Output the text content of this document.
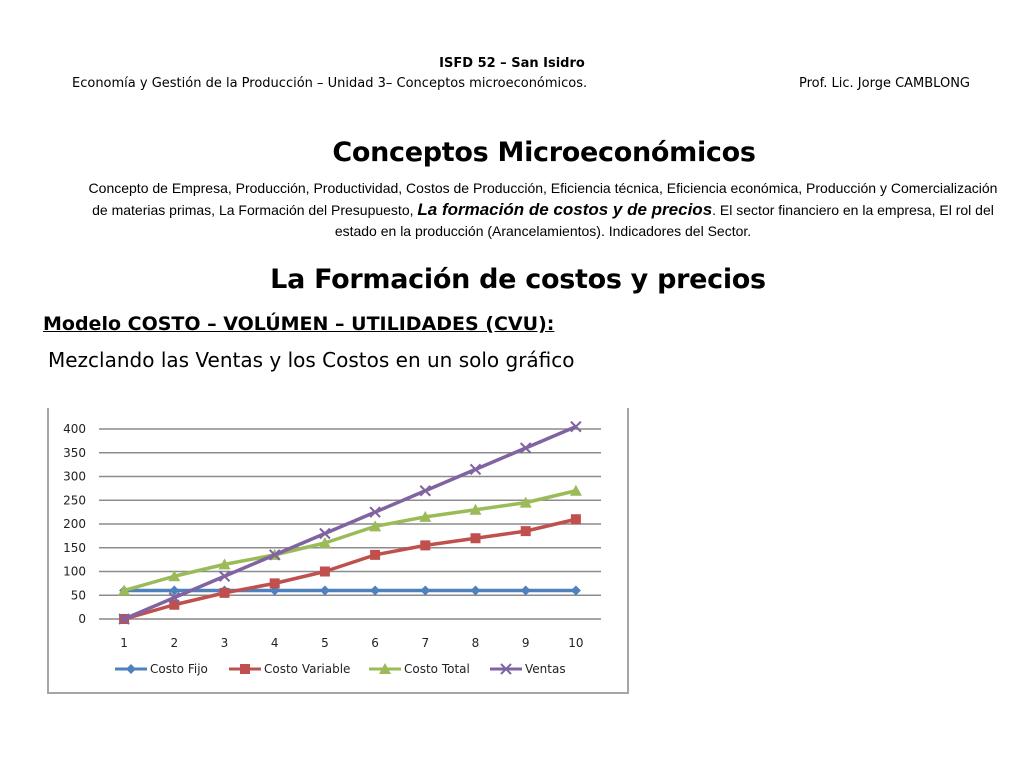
ISFD 52 – San Isidro
Economía y Gestión de la Producción – Unidad 3– Conceptos microeconómicos.	Prof. Lic. Jorge CAMBLONG
Conceptos Microeconómicos
Concepto de Empresa, Producción, Productividad, Costos de Producción, Eficiencia técnica, Eficiencia económica, Producción y Comercialización de materias primas, La Formación del Presupuesto, La formación de costos y de precios. El sector financiero en la empresa, El rol del estado en la producción (Arancelamientos). Indicadores del Sector.
La Formación de costos y precios
Modelo COSTO – VOLÚMEN – UTILIDADES (CVU):
Mezclando las Ventas y los Costos en un solo gráfico
0
50
100
150
200
250
300
350
400
1	2	3	4	5	6	7	8	9	10
Costo Fijo	Costo Variable	Costo Total	Ventas
